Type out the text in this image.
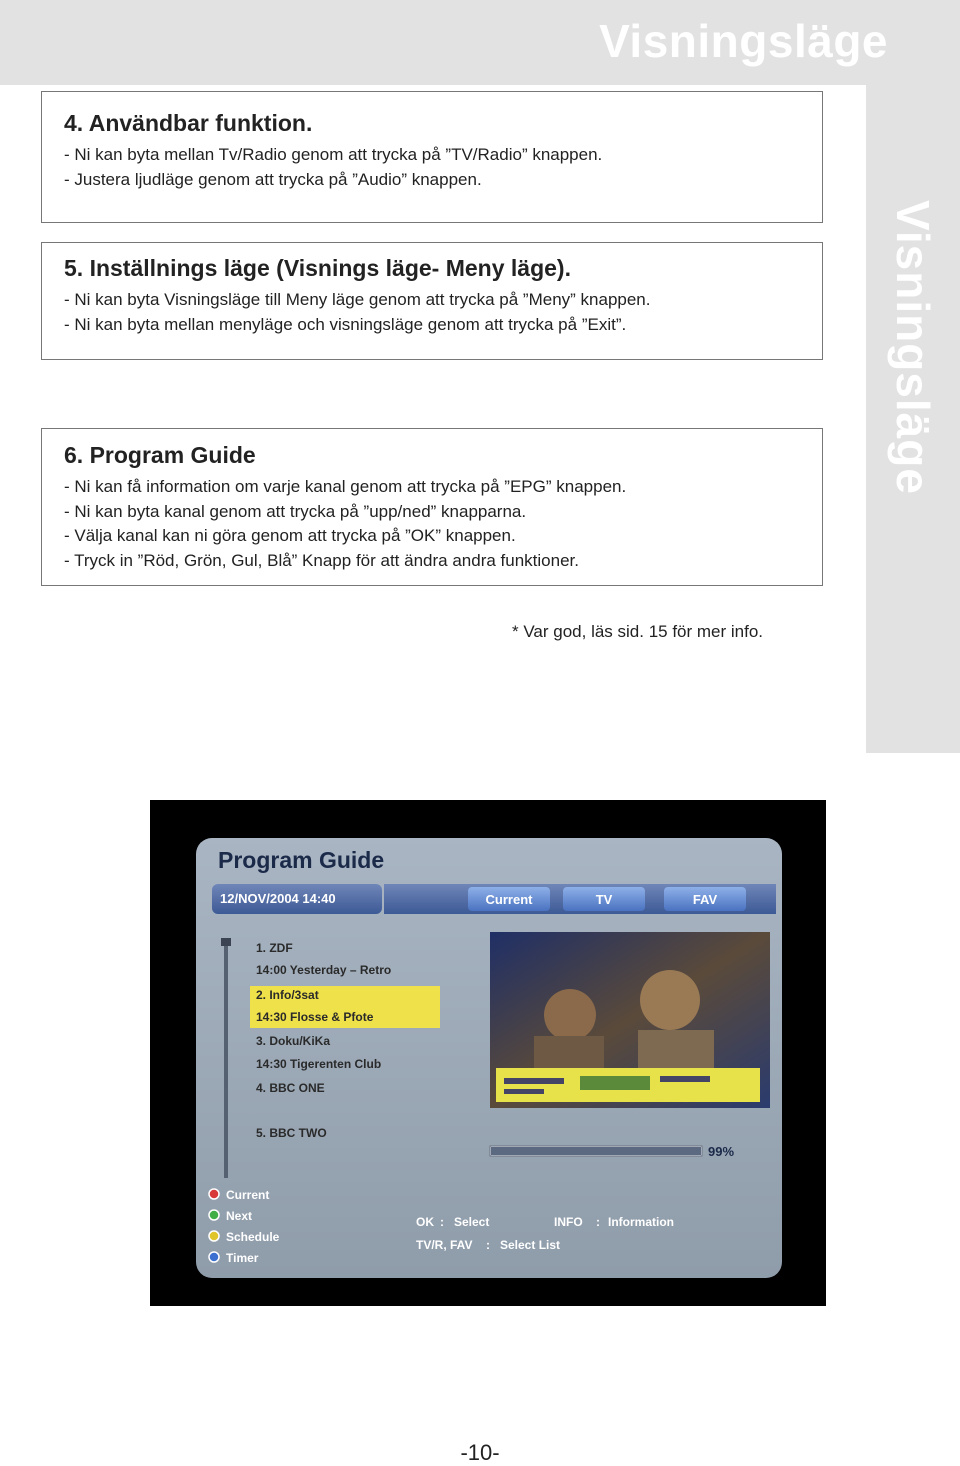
Visningsläge
Visningsläge
4. Användbar funktion.
- Ni kan byta mellan Tv/Radio genom att trycka på ”TV/Radio” knappen.
- Justera ljudläge genom att trycka på ”Audio” knappen.
5. Inställnings läge (Visnings läge- Meny läge).
- Ni kan byta Visningsläge till Meny läge genom att trycka på ”Meny” knappen.
- Ni kan byta mellan menyläge och visningsläge genom att trycka på ”Exit”.
6. Program Guide
- Ni kan få information om varje kanal genom att trycka på ”EPG” knappen.
- Ni kan byta kanal genom att trycka på ”upp/ned” knapparna.
- Välja kanal kan ni göra genom att trycka på ”OK” knappen.
- Tryck in ”Röd, Grön, Gul, Blå” Knapp för att ändra andra funktioner.
* Var god, läs sid. 15 för mer info.
Program Guide
12/NOV/2004 14:40	Current	TV	FAV
1. ZDF
14:00 Yesterday – Retro
2. Info/3sat
14:30 Flosse & Pfote
3. Doku/KiKa
14:30 Tigerenten Club
4. BBC ONE
5. BBC TWO
99%
Current
Next
Schedule
Timer
OK : Select	INFO : Information
TV/R, FAV : Select List
-10-
